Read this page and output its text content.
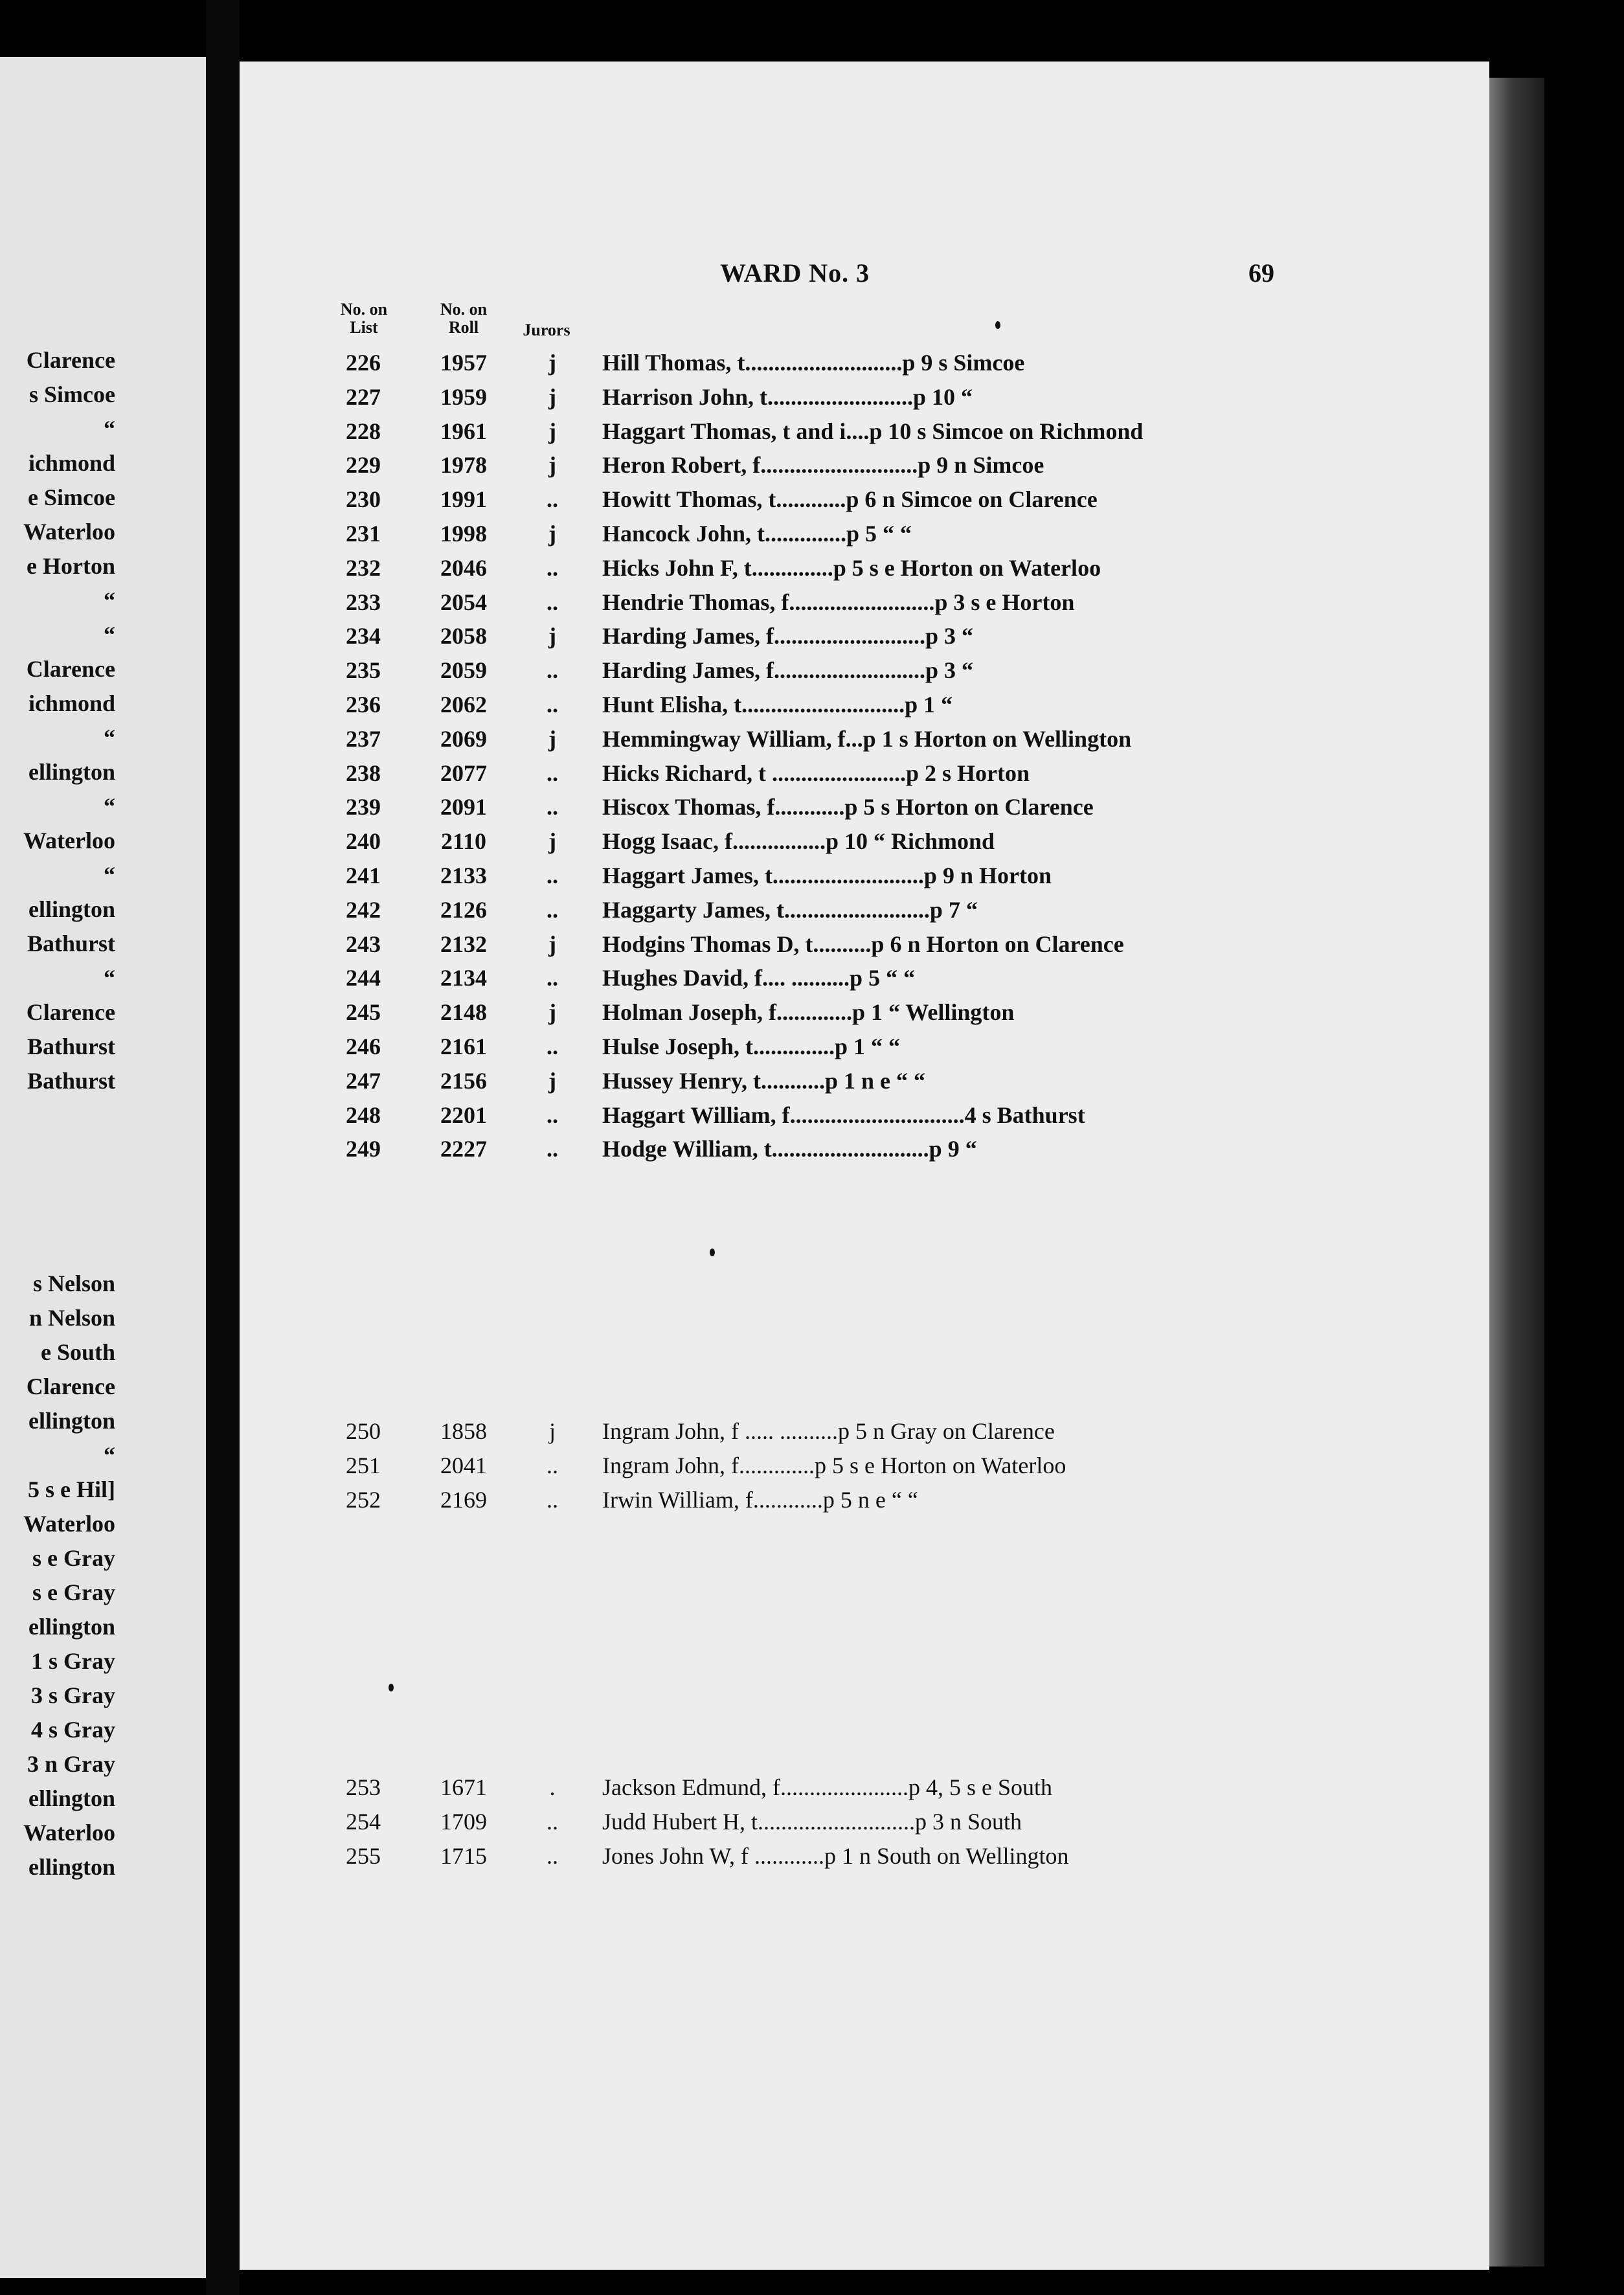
Clarence
s Simcoe
“
ichmond
e Simcoe
Waterloo
e Horton
“
“
Clarence
ichmond
“
ellington
“
Waterloo
“
ellington
Bathurst
“
Clarence
Bathurst
Bathurst
s Nelson
n Nelson
e South
Clarence
ellington
“
5 s e Hil]
Waterloo
s e Gray
s e Gray
ellington
1 s Gray
3 s Gray
4 s Gray
3 n Gray
ellington
Waterloo
ellington
WARD No. 3	69
No. on List
No. on Roll	Jurors
226	1957	j	Hill Thomas, t...........................p 9 s Simcoe
227	1959	j	Harrison John, t.........................p 10 “
228	1961	j	Haggart Thomas, t and i....p 10 s Simcoe on Richmond
229	1978	j	Heron Robert, f...........................p 9 n Simcoe
230	1991	..	Howitt Thomas, t............p 6 n Simcoe on Clarence
231	1998	j	Hancock John, t..............p 5 “ “
232	2046	..	Hicks John F, t..............p 5 s e Horton on Waterloo
233	2054	..	Hendrie Thomas, f.........................p 3 s e Horton
234	2058	j	Harding James, f..........................p 3 “
235	2059	..	Harding James, f..........................p 3 “
236	2062	..	Hunt Elisha, t............................p 1 “
237	2069	j	Hemmingway William, f...p 1 s Horton on Wellington
238	2077	..	Hicks Richard, t .......................p 2 s Horton
239	2091	..	Hiscox Thomas, f............p 5 s Horton on Clarence
240	2110	j	Hogg Isaac, f................p 10 “ Richmond
241	2133	..	Haggart James, t..........................p 9 n Horton
242	2126	..	Haggarty James, t.........................p 7 “
243	2132	j	Hodgins Thomas D, t..........p 6 n Horton on Clarence
244	2134	..	Hughes David, f.... ..........p 5 “ “
245	2148	j	Holman Joseph, f.............p 1 “ Wellington
246	2161	..	Hulse Joseph, t..............p 1 “ “
247	2156	j	Hussey Henry, t...........p 1 n e “ “
248	2201	..	Haggart William, f..............................4 s Bathurst
249	2227	..	Hodge William, t...........................p 9 “
250	1858	j	Ingram John, f ..... ..........p 5 n Gray on Clarence
251	2041	..	Ingram John, f.............p 5 s e Horton on Waterloo
252	2169	..	Irwin William, f............p 5 n e “ “
253	1671	.	Jackson Edmund, f......................p 4, 5 s e South
254	1709	..	Judd Hubert H, t...........................p 3 n South
255	1715	..	Jones John W, f ............p 1 n South on Wellington
